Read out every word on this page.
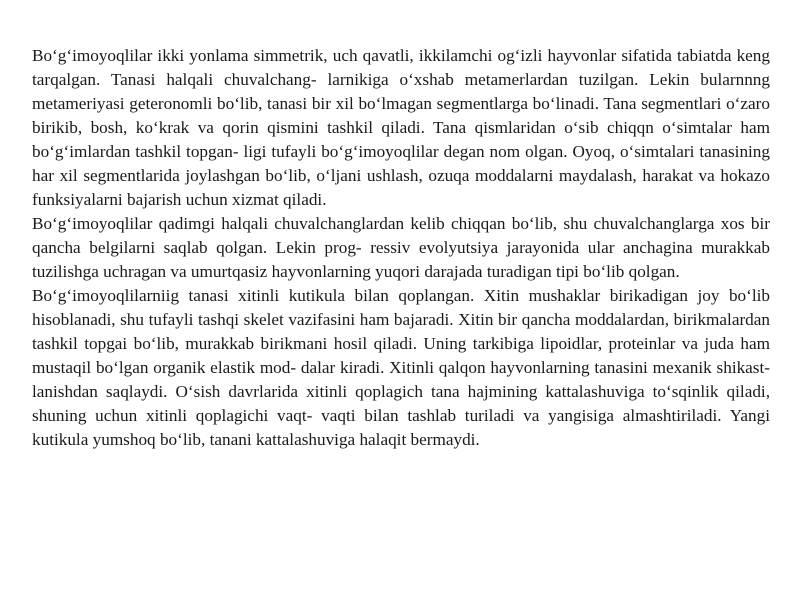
Bo‘g‘imoyoqlilar ikki yonlama simmetrik, uch qavatli, ikkilamchi og‘izli hayvonlar sifatida tabiatda keng tarqalgan. Tanasi halqali chuvalchang- larnikiga o‘xshab metamerlardan tuzilgan. Lekin bularnnng metameriyasi geteronomli bo‘lib, tanasi bir xil bo‘lmagan segmentlarga bo‘linadi. Tana segmentlari o‘zaro birikib, bosh, ko‘krak va qorin qismini tashkil qiladi. Tana qismlaridan o‘sib chiqqn o‘simtalar ham bo‘g‘imlardan tashkil topgan- ligi tufayli bo‘g‘imoyoqlilar degan nom olgan. Oyoq, o‘simtalari tanasining har xil segmentlarida joylashgan bo‘lib, o‘ljani ushlash, ozuqa moddalarni maydalash, harakat va hokazo funksiyalarni bajarish uchun xizmat qiladi.

Bo‘g‘imoyoqlilar qadimgi halqali chuvalchanglardan kelib chiqqan bo‘lib, shu chuvalchanglarga xos bir qancha belgilarni saqlab qolgan. Lekin prog- ressiv evolyutsiya jarayonida ular anchagina murakkab tuzilishga uchragan va umurtqasiz hayvonlarning yuqori darajada turadigan tipi bo‘lib qolgan.

Bo‘g‘imoyoqlilarniig tanasi xitinli kutikula bilan qoplangan. Xitin mushaklar birikadigan joy bo‘lib hisoblanadi, shu tufayli tashqi skelet vazifasini ham bajaradi. Xitin bir qancha moddalardan, birikmalardan tashkil topgai bo‘lib, murakkab birikmani hosil qiladi. Uning tarkibiga lipoidlar, proteinlar va juda ham mustaqil bo‘lgan organik elastik mod- dalar kiradi. Xitinli qalqon hayvonlarning tanasini mexanik shikast- lanishdan saqlaydi. O‘sish davrlarida xitinli qoplagich tana hajmining kattalashuviga to‘sqinlik qiladi, shuning uchun xitinli qoplagichi vaqt- vaqti bilan tashlab turiladi va yangisiga almashtiriladi. Yangi kutikula yumshoq bo‘lib, tanani kattalashuviga halaqit bermaydi.
